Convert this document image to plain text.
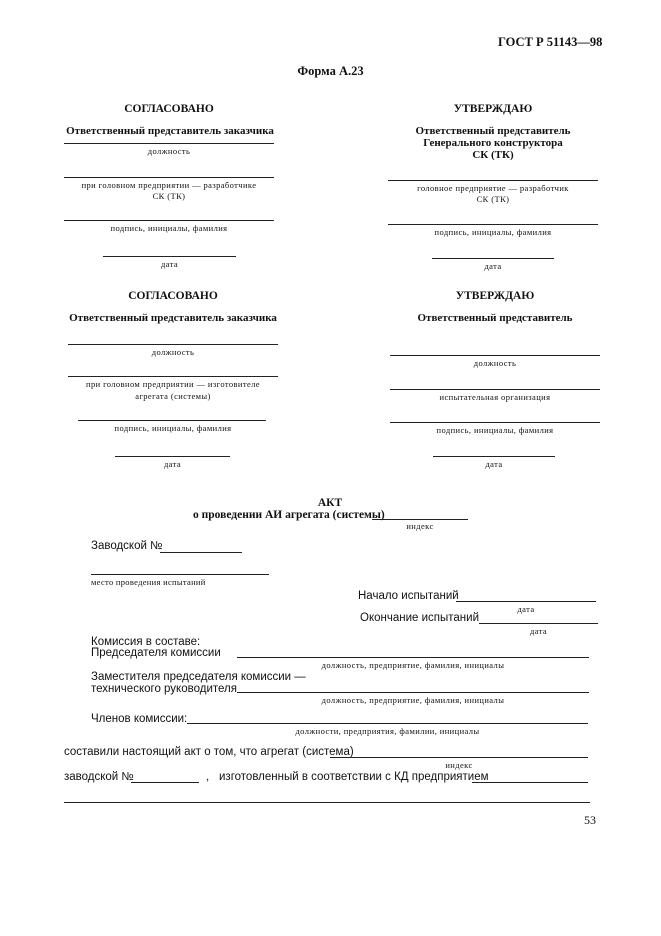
ГОСТ Р 51143—98
Форма А.23
СОГЛАСОВАНО
Ответственный представитель заказчика
должность
при головном предприятии — разработчике
СК (ТК)
подпись, инициалы, фамилия
дата
УТВЕРЖДАЮ
Ответственный представитель
Генерального конструктора
СК (ТК)
головное предприятие — разработчик
СК (ТК)
подпись, инициалы, фамилия
дата
СОГЛАСОВАНО
Ответственный представитель заказчика
должность
при головном предприятии — изготовителе
агрегата (системы)
подпись, инициалы, фамилия
дата
УТВЕРЖДАЮ
Ответственный представитель
должность
испытательная организация
подпись, инициалы, фамилия
дата
АКТ
о проведении АИ агрегата (системы)
индекс
Заводской №
место проведения испытаний
Начало испытаний
дата
Окончание испытаний
дата
Комиссия в составе:
Председателя комиссии
должность, предприятие, фамилия, инициалы
Заместителя председателя комиссии —
технического руководителя
должность, предприятие, фамилия, инициалы
Членов комиссии:
должности, предприятия, фамилии, инициалы
составили настоящий акт о том, что агрегат (система)
индекс
заводской №	, изготовленный в соответствии с КД предприятием
53
